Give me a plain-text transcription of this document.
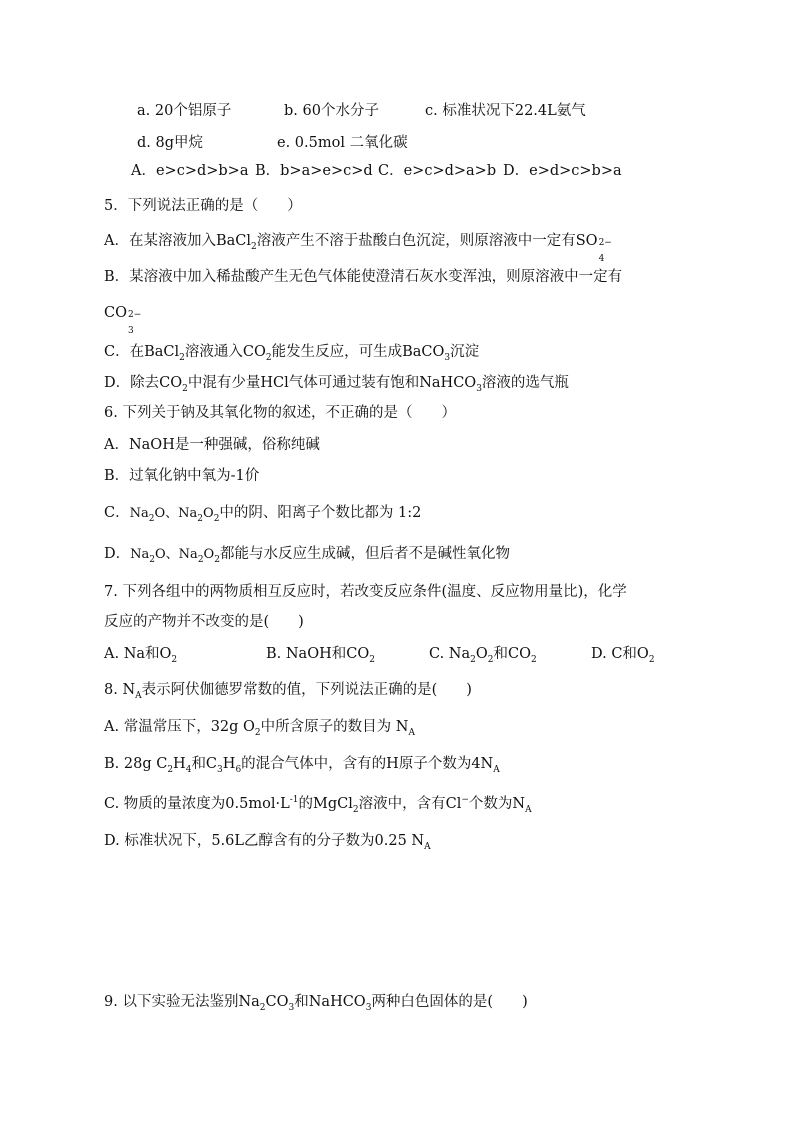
a. 20个铝原子	b. 60个水分子	c. 标准状况下22.4L氨气
d. 8g甲烷	e. 0.5mol 二氧化碳
A．e>c>d>b>a B．b>a>e>c>d C．e>c>d>a>b D．e>d>c>b>a
5．下列说法正确的是（　　）
A．在某溶液加入BaCl$_2$溶液产生不溶于盐酸白色沉淀，则原溶液中一定有SO 2−
4
B．某溶液中加入稀盐酸产生无色气体能使澄清石灰水变浑浊，则原溶液中一定有
CO 2−
3
C．在BaCl$_2$溶液通入$CO_2$能发生反应，可生成BaCO$_3$沉淀
D．除去$CO_2$中混有少量HCl气体可通过装有饱和NaHCO$_3$溶液的选气瓶
6. 下列关于钠及其氧化物的叙述，不正确的是（　　）
A．NaOH是一种强碱，俗称纯碱
B．过氧化钠中氧为-1价
C．$Na_2O$、$Na_2O_2$中的阴、阳离子个数比都为 1:2
D．$Na_2O$、$Na_2O_2$都能与水反应生成碱，但后者不是碱性氧化物
7. 下列各组中的两物质相互反应时，若改变反应条件(温度、反应物用量比)，化学
反应的产物并不改变的是(　　)
A. Na和$O_2$	B. NaOH和$CO_2$	C. $Na_2O_2$和$CO_2$	D. C和$O_2$
8. $N_A$表示阿伏伽德罗常数的值，下列说法正确的是(　　)
A. 常温常压下，32g $O_2$中所含原子的数目为 $N_A$
B. 28g $C_2H_4$和$C_3H_6$的混合气体中，含有的H原子个数为$4N_A$
C. 物质的量浓度为$0.5mol\cdot L^{-1}$的MgCl$_2$溶液中，含有Cl−个数为$N_A$
D. 标准状况下，5.6L乙醇含有的分子数为0.25 $N_A$
9. 以下实验无法鉴别$Na_2CO_3$和NaHCO$_3$两种白色固体的是(　　)
